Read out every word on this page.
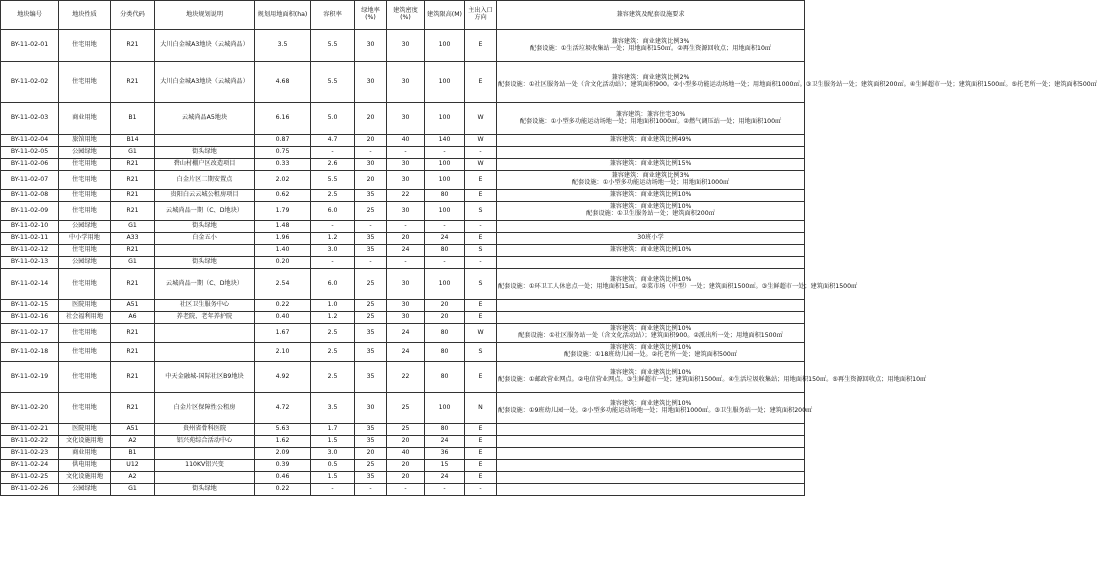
地块编号	地块性质	分类代码	地块规划说明	规划用地面积(ha)	容积率	绿地率(%)	建筑密度(%)	建筑限高(M)	主出入口方向	兼容建筑及配套设施要求
BY-11-02-01	住宅用地	R21	大川白金城A3地块（云城尚品）	3.5	5.5	30	30	100	E	兼容建筑：商业建筑比例3%
配套设施：①生活垃圾收集站一处；用地面积150㎡。②再生资源回收点；用地面积10㎡
BY-11-02-02	住宅用地	R21	大川白金城A3地块（云城尚品）	4.68	5.5	30	30	100	E	兼容建筑：商业建筑比例2%
配套设施：①社区服务站一处（含文化活动站）；建筑面积900。②小型多功能运动场地一处；用地面积1000㎡。③卫生服务站一处；建筑面积200㎡。④生鲜超市一处；建筑面积1500㎡。⑤托老所一处；建筑面积500㎡
BY-11-02-03	商业用地	B1	云城尚品A5地块	6.16	5.0	20	30	100	W	兼容建筑：兼容住宅30%
配套设施：①小型多功能运动场地一处；用地面积1000㎡。②燃气调压站一处；用地面积100㎡
BY-11-02-04	旅馆用地	B14		0.87	4.7	20	40	140	W	兼容建筑：商业建筑比例49%
BY-11-02-05	公园绿地	G1	街头绿地	0.75	-	-	-	-	-	
BY-11-02-06	住宅用地	R21	碧山村棚户区改造项目	0.33	2.6	30	30	100	W	兼容建筑：商业建筑比例15%
BY-11-02-07	住宅用地	R21	白金片区二期安置点	2.02	5.5	20	30	100	E	兼容建筑：商业建筑比例3%
配套设施：①小型多功能运动场地一处；用地面积1000㎡
BY-11-02-08	住宅用地	R21	贵阳白云云城公租房项目	0.62	2.5	35	22	80	E	兼容建筑：商业建筑比例10%
BY-11-02-09	住宅用地	R21	云城尚品一期（C、D地块）	1.79	6.0	25	30	100	S	兼容建筑：商业建筑比例10%
配套设施：①卫生服务站一处；建筑面积200㎡
BY-11-02-10	公园绿地	G1	街头绿地	1.48	-	-	-	-	-	
BY-11-02-11	中小学用地	A33	白金五小	1.96	1.2	35	20	24	E	30班小学
BY-11-02-12	住宅用地	R21		1.40	3.0	35	24	80	S	兼容建筑：商业建筑比例10%
BY-11-02-13	公园绿地	G1	街头绿地	0.20	-	-	-	-	-	
BY-11-02-14	住宅用地	R21	云城尚品一期（C、D地块）	2.54	6.0	25	30	100	S	兼容建筑：商业建筑比例10%
配套设施：①环卫工人休息点一处；用地面积15㎡。②菜市场（中型）一处；建筑面积1500㎡。③生鲜超市一处；建筑面积1500㎡
BY-11-02-15	医院用地	A51	社区卫生服务中心	0.22	1.0	25	30	20	E	
BY-11-02-16	社会福利用地	A6	养老院、老年养护院	0.40	1.2	25	30	20	E	
BY-11-02-17	住宅用地	R21		1.67	2.5	35	24	80	W	兼容建筑：商业建筑比例10%
配套设施：①社区服务站一处（含文化活动站）；建筑面积900。②派出所一处；用地面积1500㎡
BY-11-02-18	住宅用地	R21		2.10	2.5	35	24	80	S	兼容建筑：商业建筑比例10%
配套设施：①18班幼儿园一处。②托老所一处；建筑面积500㎡
BY-11-02-19	住宅用地	R21	中天金融城-国际社区B9地块	4.92	2.5	35	22	80	E	兼容建筑：商业建筑比例10%
配套设施：①邮政营业网点。②电信营业网点。③生鲜超市一处；建筑面积1500㎡。④生活垃圾收集站；用地面积150㎡。⑤再生资源回收点；用地面积10㎡
BY-11-02-20	住宅用地	R21	白金片区保障性公租房	4.72	3.5	30	25	100	N	兼容建筑：商业建筑比例10%
配套设施：①9班幼儿园一处。②小型多功能运动场地一处；用地面积1000㎡。③卫生服务站一处；建筑面积200㎡
BY-11-02-21	医院用地	A51	贵州省骨科医院	5.63	1.7	35	25	80	E	
BY-11-02-22	文化设施用地	A2	铝兴苑综合活动中心	1.62	1.5	35	20	24	E	
BY-11-02-23	商业用地	B1		2.09	3.0	20	40	36	E	
BY-11-02-24	供电用地	U12	110KV铝兴变	0.39	0.5	25	20	15	E	
BY-11-02-25	文化设施用地	A2		0.46	1.5	35	20	24	E	
BY-11-02-26	公园绿地	G1	街头绿地	0.22	-	-	-	-	-	
